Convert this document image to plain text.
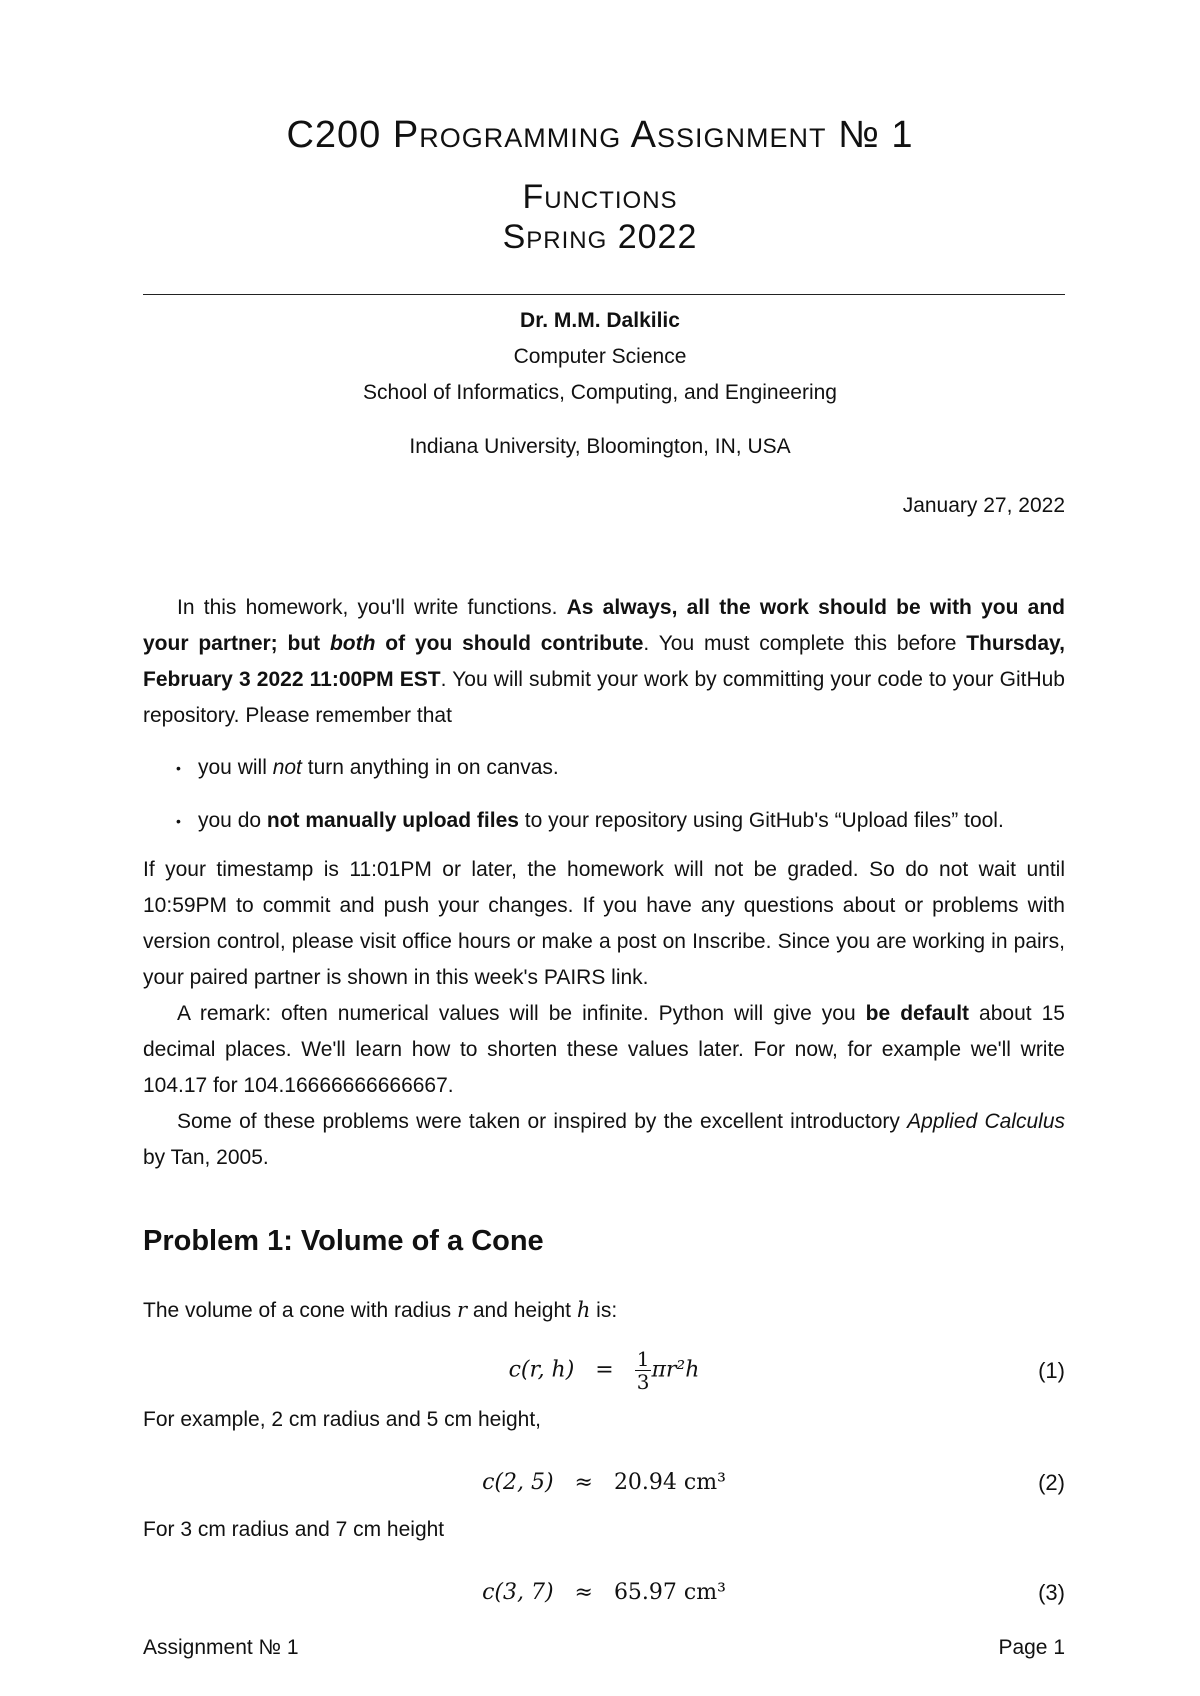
C200 Programming Assignment № 1
Functions
Spring 2022
Dr. M.M. Dalkilic
Computer Science
School of Informatics, Computing, and Engineering
Indiana University, Bloomington, IN, USA
January 27, 2022
In this homework, you'll write functions. As always, all the work should be with you and your partner; but both of you should contribute. You must complete this before Thursday, February 3 2022 11:00PM EST. You will submit your work by committing your code to your GitHub repository. Please remember that
• you will not turn anything in on canvas.
• you do not manually upload files to your repository using GitHub's “Upload files” tool.
If your timestamp is 11:01PM or later, the homework will not be graded. So do not wait until 10:59PM to commit and push your changes. If you have any questions about or problems with version control, please visit office hours or make a post on Inscribe. Since you are working in pairs, your paired partner is shown in this week's PAIRS link.
A remark: often numerical values will be infinite. Python will give you be default about 15 decimal places. We'll learn how to shorten these values later. For now, for example we'll write 104.17 for 104.16666666666667.
Some of these problems were taken or inspired by the excellent introductory Applied Calculus by Tan, 2005.
Problem 1: Volume of a Cone
The volume of a cone with radius r and height h is:
c(r, $h) = \frac{1}{3} \pi r^2h$	(1)
For example, 2 cm radius and 5 cm height,
c(2, 5) ≈ 20.94 cm³	(2)
For 3 cm radius and 7 cm height
c(3, 7) ≈ 65.97 cm³	(3)
Assignment № 1	Page 1
